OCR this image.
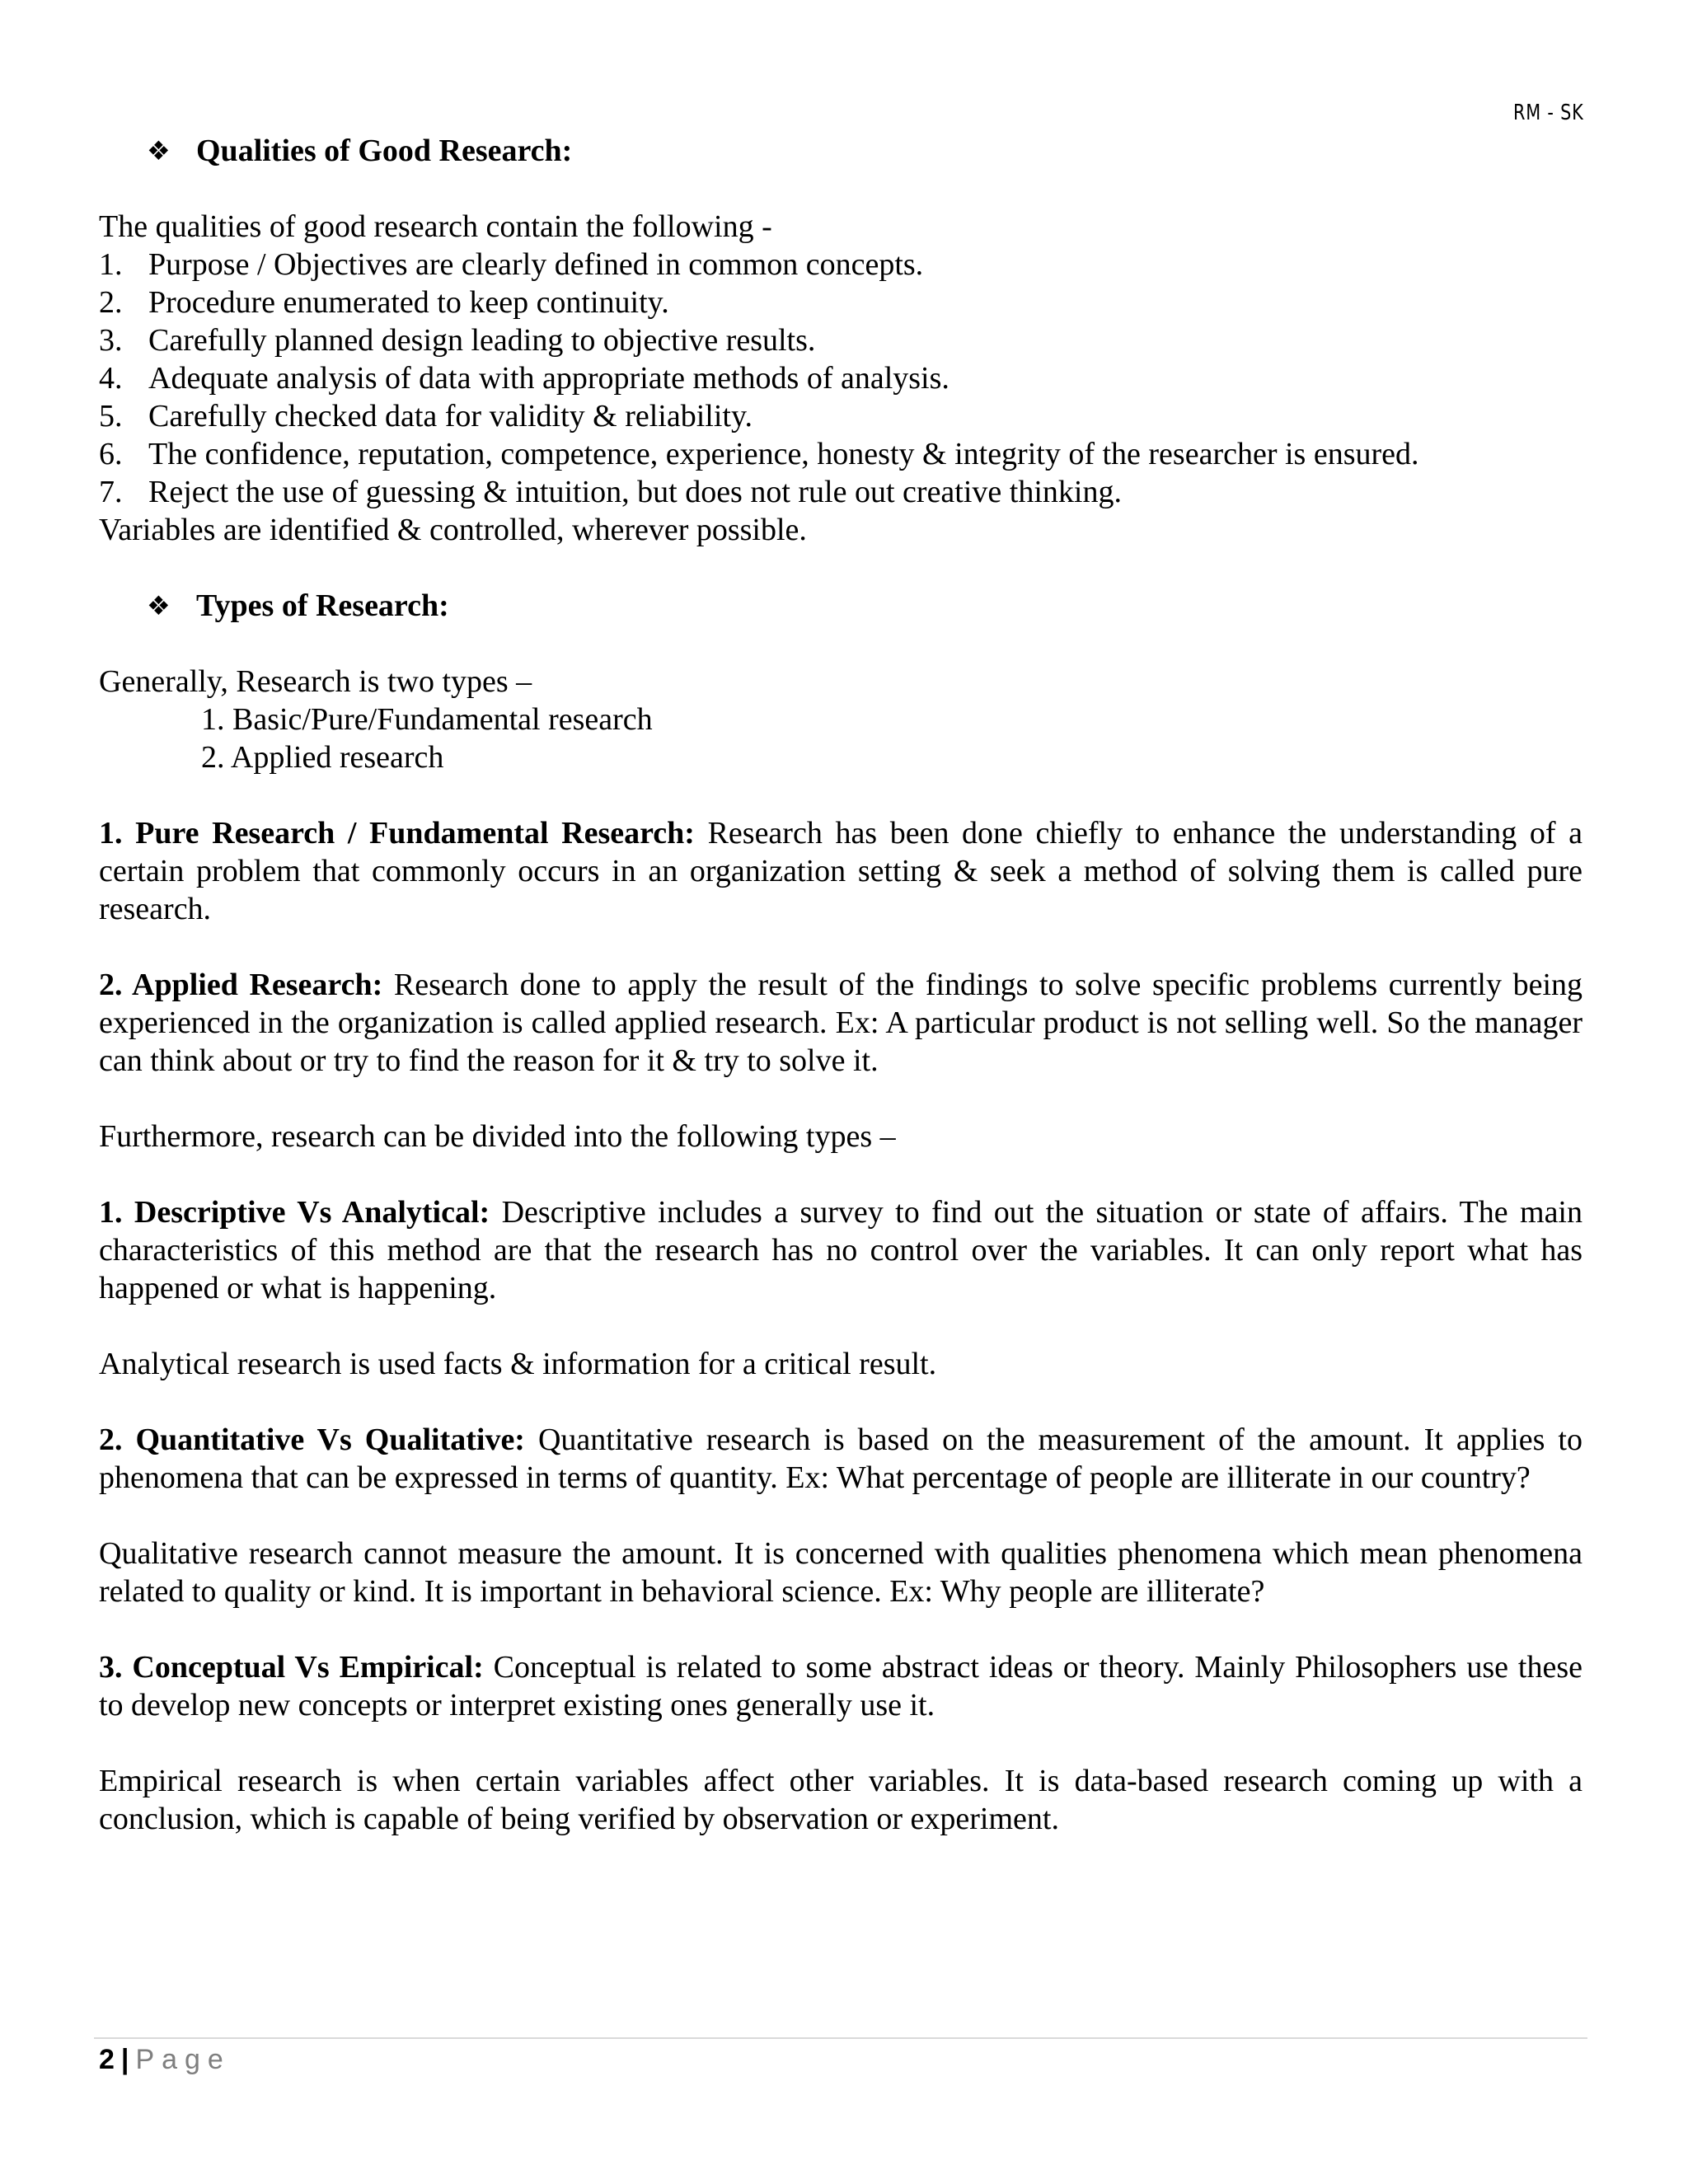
RM - SK
❖ Qualities of Good Research:

The qualities of good research contain the following -

1. Purpose / Objectives are clearly defined in common concepts.
2. Procedure enumerated to keep continuity.
3. Carefully planned design leading to objective results.
4. Adequate analysis of data with appropriate methods of analysis.
5. Carefully checked data for validity & reliability.
6. The confidence, reputation, competence, experience, honesty & integrity of the researcher is ensured.
7. Reject the use of guessing & intuition, but does not rule out creative thinking.

Variables are identified & controlled, wherever possible.

❖ Types of Research:

Generally, Research is two types –

1. Basic/Pure/Fundamental research
2. Applied research

1. Pure Research / Fundamental Research: Research has been done chiefly to enhance the understanding of a certain problem that commonly occurs in an organization setting & seek a method of solving them is called pure research.

2. Applied Research: Research done to apply the result of the findings to solve specific problems currently being experienced in the organization is called applied research. Ex: A particular product is not selling well. So the manager can think about or try to find the reason for it & try to solve it.

Furthermore, research can be divided into the following types –

1. Descriptive Vs Analytical: Descriptive includes a survey to find out the situation or state of affairs. The main characteristics of this method are that the research has no control over the variables. It can only report what has happened or what is happening.

Analytical research is used facts & information for a critical result.

2. Quantitative Vs Qualitative: Quantitative research is based on the measurement of the amount. It applies to phenomena that can be expressed in terms of quantity. Ex: What percentage of people are illiterate in our country?

Qualitative research cannot measure the amount. It is concerned with qualities phenomena which mean phenomena related to quality or kind. It is important in behavioral science. Ex: Why people are illiterate?

3. Conceptual Vs Empirical: Conceptual is related to some abstract ideas or theory. Mainly Philosophers use these to develop new concepts or interpret existing ones generally use it.

Empirical research is when certain variables affect other variables. It is data-based research coming up with a conclusion, which is capable of being verified by observation or experiment.

2 | Page
